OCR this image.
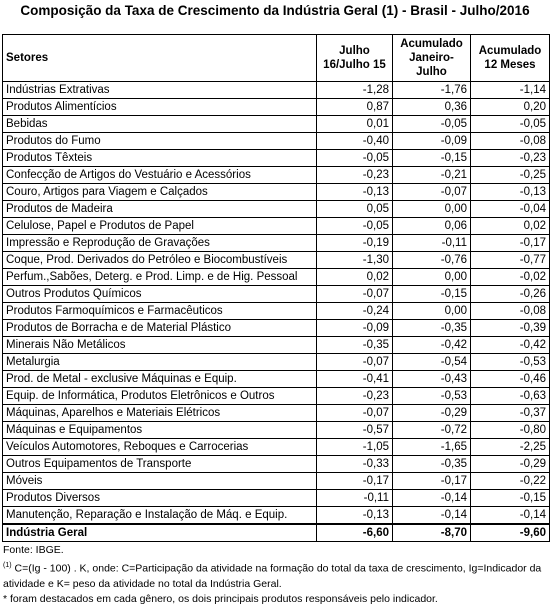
Composição da Taxa de Crescimento da Indústria Geral (1) - Brasil - Julho/2016
Setores	Julho 16/Julho 15	Acumulado Janeiro-Julho	Acumulado 12 Meses
Indústrias Extrativas	-1,28	-1,76	-1,14
Produtos Alimentícios	0,87	0,36	0,20
Bebidas	0,01	-0,05	-0,05
Produtos do Fumo	-0,40	-0,09	-0,08
Produtos Têxteis	-0,05	-0,15	-0,23
Confecção de Artigos do Vestuário e Acessórios	-0,23	-0,21	-0,25
Couro, Artigos para Viagem e Calçados	-0,13	-0,07	-0,13
Produtos de Madeira	0,05	0,00	-0,04
Celulose, Papel e Produtos de Papel	-0,05	0,06	0,02
Impressão e Reprodução de Gravações	-0,19	-0,11	-0,17
Coque, Prod. Derivados do Petróleo e Biocombustíveis	-1,30	-0,76	-0,77
Perfum.,Sabões, Deterg. e Prod. Limp. e de Hig. Pessoal	0,02	0,00	-0,02
Outros Produtos Químicos	-0,07	-0,15	-0,26
Produtos Farmoquímicos e Farmacêuticos	-0,24	0,00	-0,08
Produtos de Borracha e de Material Plástico	-0,09	-0,35	-0,39
Minerais Não Metálicos	-0,35	-0,42	-0,42
Metalurgia	-0,07	-0,54	-0,53
Prod. de Metal - exclusive Máquinas e Equip.	-0,41	-0,43	-0,46
Equip. de Informática, Produtos Eletrônicos e Outros	-0,23	-0,53	-0,63
Máquinas, Aparelhos e Materiais Elétricos	-0,07	-0,29	-0,37
Máquinas e Equipamentos	-0,57	-0,72	-0,80
Veículos Automotores, Reboques e Carrocerias	-1,05	-1,65	-2,25
Outros Equipamentos de Transporte	-0,33	-0,35	-0,29
Móveis	-0,17	-0,17	-0,22
Produtos Diversos	-0,11	-0,14	-0,15
Manutenção, Reparação e Instalação de Máq. e Equip.	-0,13	-0,14	-0,14
Indústria Geral	-6,60	-8,70	-9,60
Fonte: IBGE.
$^{(1)}$ C=(Ig - 100) . K, onde: C=Participação da atividade na formação do total da taxa de crescimento, Ig=Indicador da atividade e K= peso da atividade no total da Indústria Geral.
* foram destacados em cada gênero, os dois principais produtos responsáveis pelo indicador.
